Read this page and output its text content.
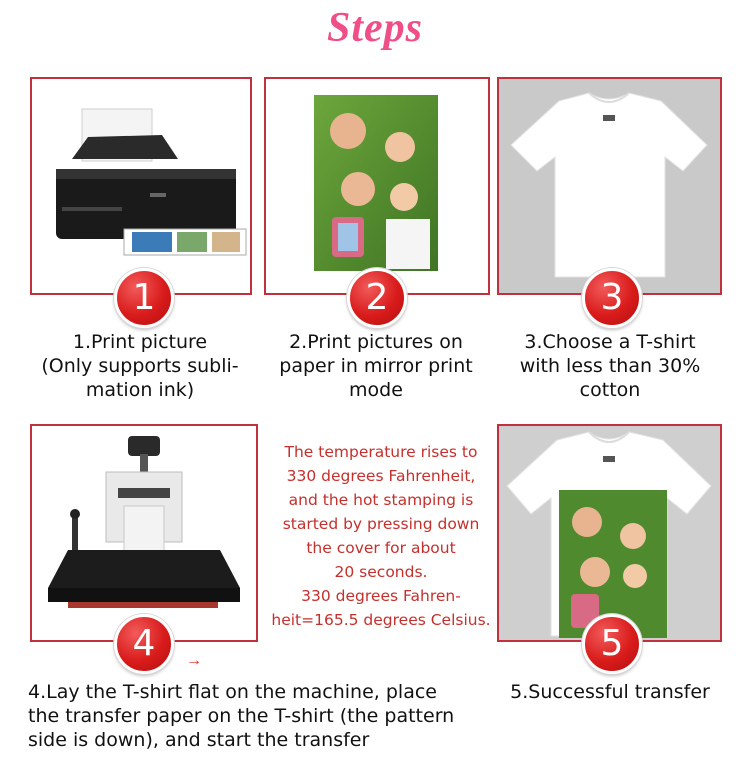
Steps
1
1.Print picture
(Only supports subli-
mation ink)
2
2.Print pictures on
paper in mirror print
mode
3
3.Choose a T-shirt
with less than 30%
cotton
4	→
4.Lay the T-shirt flat on the machine, place
the transfer paper on the T-shirt (the pattern
side is down), and start the transfer
The temperature rises to
330 degrees Fahrenheit,
and the hot stamping is
started by pressing down
the cover for about
20 seconds.
330 degrees Fahren-
heit=165.5 degrees Celsius.
5
5.Successful transfer
